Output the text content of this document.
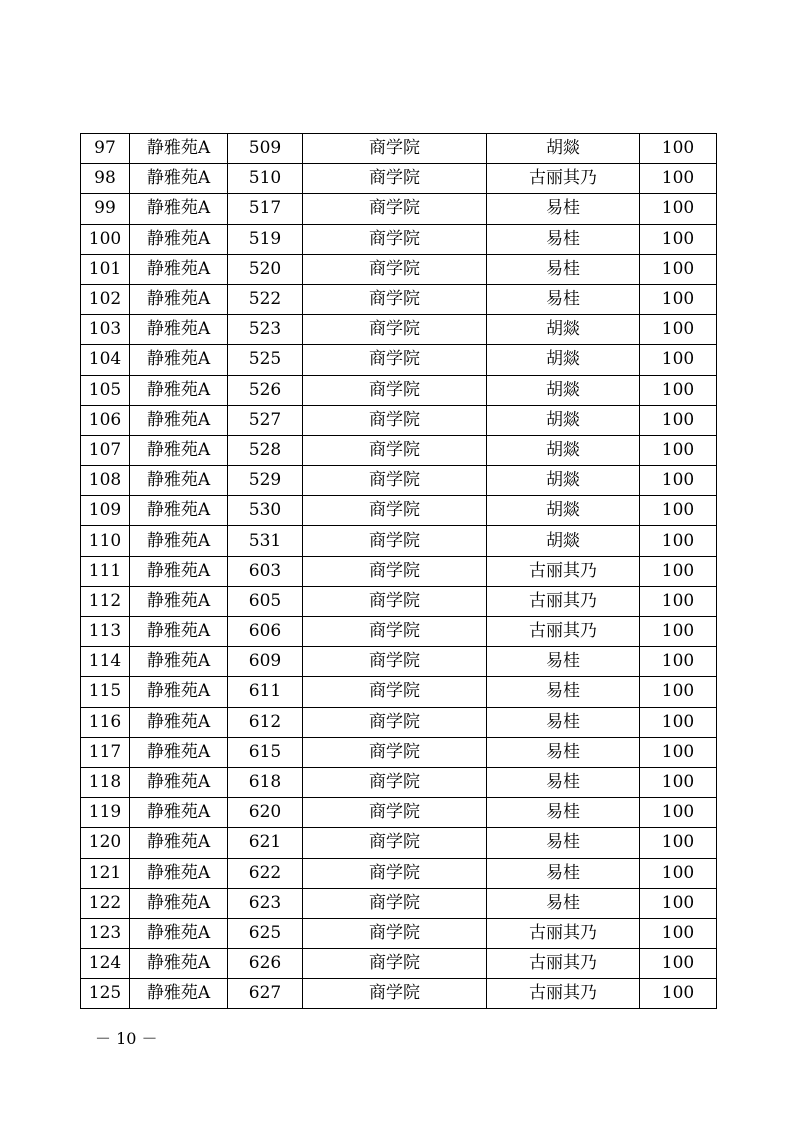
97	静雅苑A	509	商学院	胡燚	100
98	静雅苑A	510	商学院	古丽其乃	100
99	静雅苑A	517	商学院	易桂	100
100	静雅苑A	519	商学院	易桂	100
101	静雅苑A	520	商学院	易桂	100
102	静雅苑A	522	商学院	易桂	100
103	静雅苑A	523	商学院	胡燚	100
104	静雅苑A	525	商学院	胡燚	100
105	静雅苑A	526	商学院	胡燚	100
106	静雅苑A	527	商学院	胡燚	100
107	静雅苑A	528	商学院	胡燚	100
108	静雅苑A	529	商学院	胡燚	100
109	静雅苑A	530	商学院	胡燚	100
110	静雅苑A	531	商学院	胡燚	100
111	静雅苑A	603	商学院	古丽其乃	100
112	静雅苑A	605	商学院	古丽其乃	100
113	静雅苑A	606	商学院	古丽其乃	100
114	静雅苑A	609	商学院	易桂	100
115	静雅苑A	611	商学院	易桂	100
116	静雅苑A	612	商学院	易桂	100
117	静雅苑A	615	商学院	易桂	100
118	静雅苑A	618	商学院	易桂	100
119	静雅苑A	620	商学院	易桂	100
120	静雅苑A	621	商学院	易桂	100
121	静雅苑A	622	商学院	易桂	100
122	静雅苑A	623	商学院	易桂	100
123	静雅苑A	625	商学院	古丽其乃	100
124	静雅苑A	626	商学院	古丽其乃	100
125	静雅苑A	627	商学院	古丽其乃	100
－ 10 －
